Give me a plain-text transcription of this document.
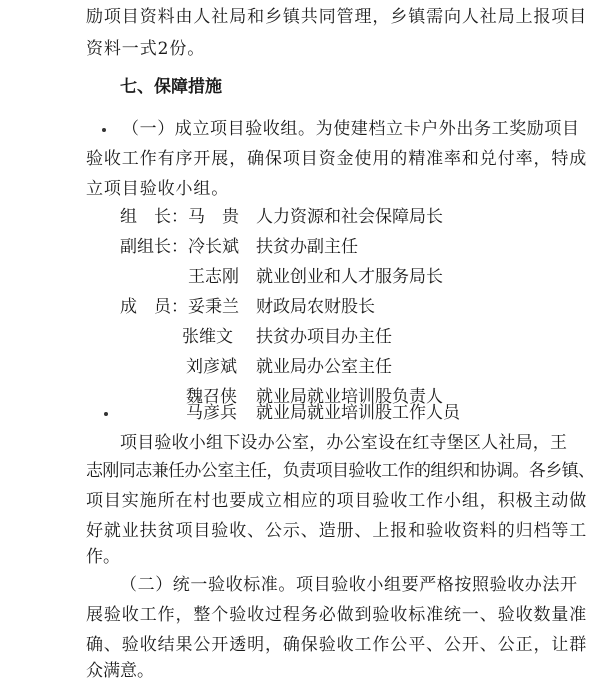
励项目资料由人社局和乡镇共同管理，乡镇需向人社局上报项目
资料一式2份。
七、保障措施
（一）成立项目验收组。为使建档立卡户外出务工奖励项目
验收工作有序开展，确保项目资金使用的精准率和兑付率，特成
立项目验收小组。
组　长： 马　贵 人力资源和社会保障局长
副组长： 冷长斌 扶贫办副主任
王志刚 就业创业和人才服务局长
成　员： 妥秉兰 财政局农财股长
张维文 扶贫办项目办主任
刘彦斌 就业局办公室主任
魏召侠 就业局就业培训股负责人
马彦兵 就业局就业培训股工作人员
项目验收小组下设办公室，办公室设在红寺堡区人社局，王
志刚同志兼任办公室主任，负责项目验收工作的组织和协调。各乡镇、
项目实施所在村也要成立相应的项目验收工作小组，积极主动做
好就业扶贫项目验收、公示、造册、上报和验收资料的归档等工
作。
（二）统一验收标准。项目验收小组要严格按照验收办法开
展验收工作，整个验收过程务必做到验收标准统一、验收数量准
确、验收结果公开透明，确保验收工作公平、公开、公正，让群
众满意。
